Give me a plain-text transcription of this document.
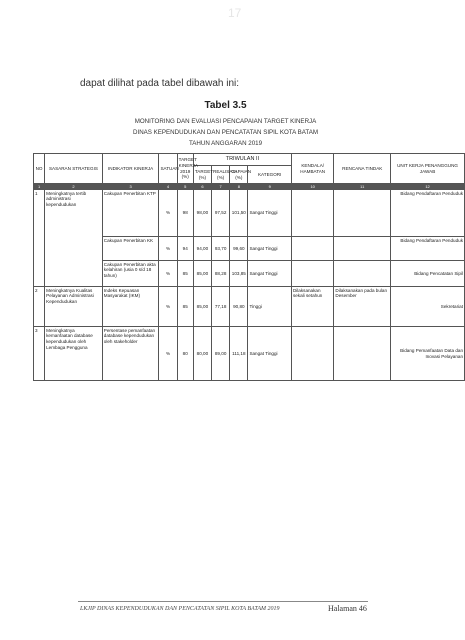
17
dapat dilihat pada tabel dibawah ini:
Tabel 3.5
MONITORING DAN EVALUASI PENCAPAIAN TARGET KINERJA
DINAS KEPENDUDUKAN DAN PENCATATAN SIPIL KOTA BATAM
TAHUN ANGGARAN 2019
NO	SASARAN STRATEGIS	INDIKATOR KINERJA	SATUAN	TARGET KINERJA 2019 (%)	TRIWULAN II				KENDALA/ HAMBATAN	RENCANA TINDAK	UNIT KERJA PENANGGUNG JAWAB
					TARGET (%)	REALISASI (%)	CAPAIAN (%)	KATEGORI			
1	2	3	4	5	6	7	8	9	10	11	12
1	Meningkatnya tertib administrasi kependudukan	Cakupan Penerbitan KTP	%	98	98,00	97,52	101,50	Sangat Tinggi			Bidang Pendaftaran Penduduk
		Cakupan Penerbitan KK	%	94	94,00	93,70	99,60	Sangat Tinggi			Bidang Pendaftaran Penduduk
		Cakupan Penerbitan akta kelahiran (usia 0 s/d 18 tahun)	%	85	85,00	88,28	103,85	Sangat Tinggi			Bidang Pencatatan Sipil
2	Meningkatnya Kualitas Pelayanan Administrasi Kependudukan	Indeks Kepuasan Masyarakat (IKM)	%	85	85,00	77,18	90,80	Tinggi	Dilaksanakan sekali setahun	Dilaksanakan pada bulan Desember	Sekretariat
3	Meningkatnya kemanfaatan database kependudukan oleh Lembaga Pengguna	Persentase pemanfaatan database kependudukan oleh stakeholder	%	80	80,00	89,00	111,18	Sangat Tinggi			Bidang Pemanfaatan Data dan Inovasi Pelayanan
LKJIP DINAS KEPENDUDUKAN DAN PENCATATAN SIPIL KOTA BATAM 2019	Halaman 46
